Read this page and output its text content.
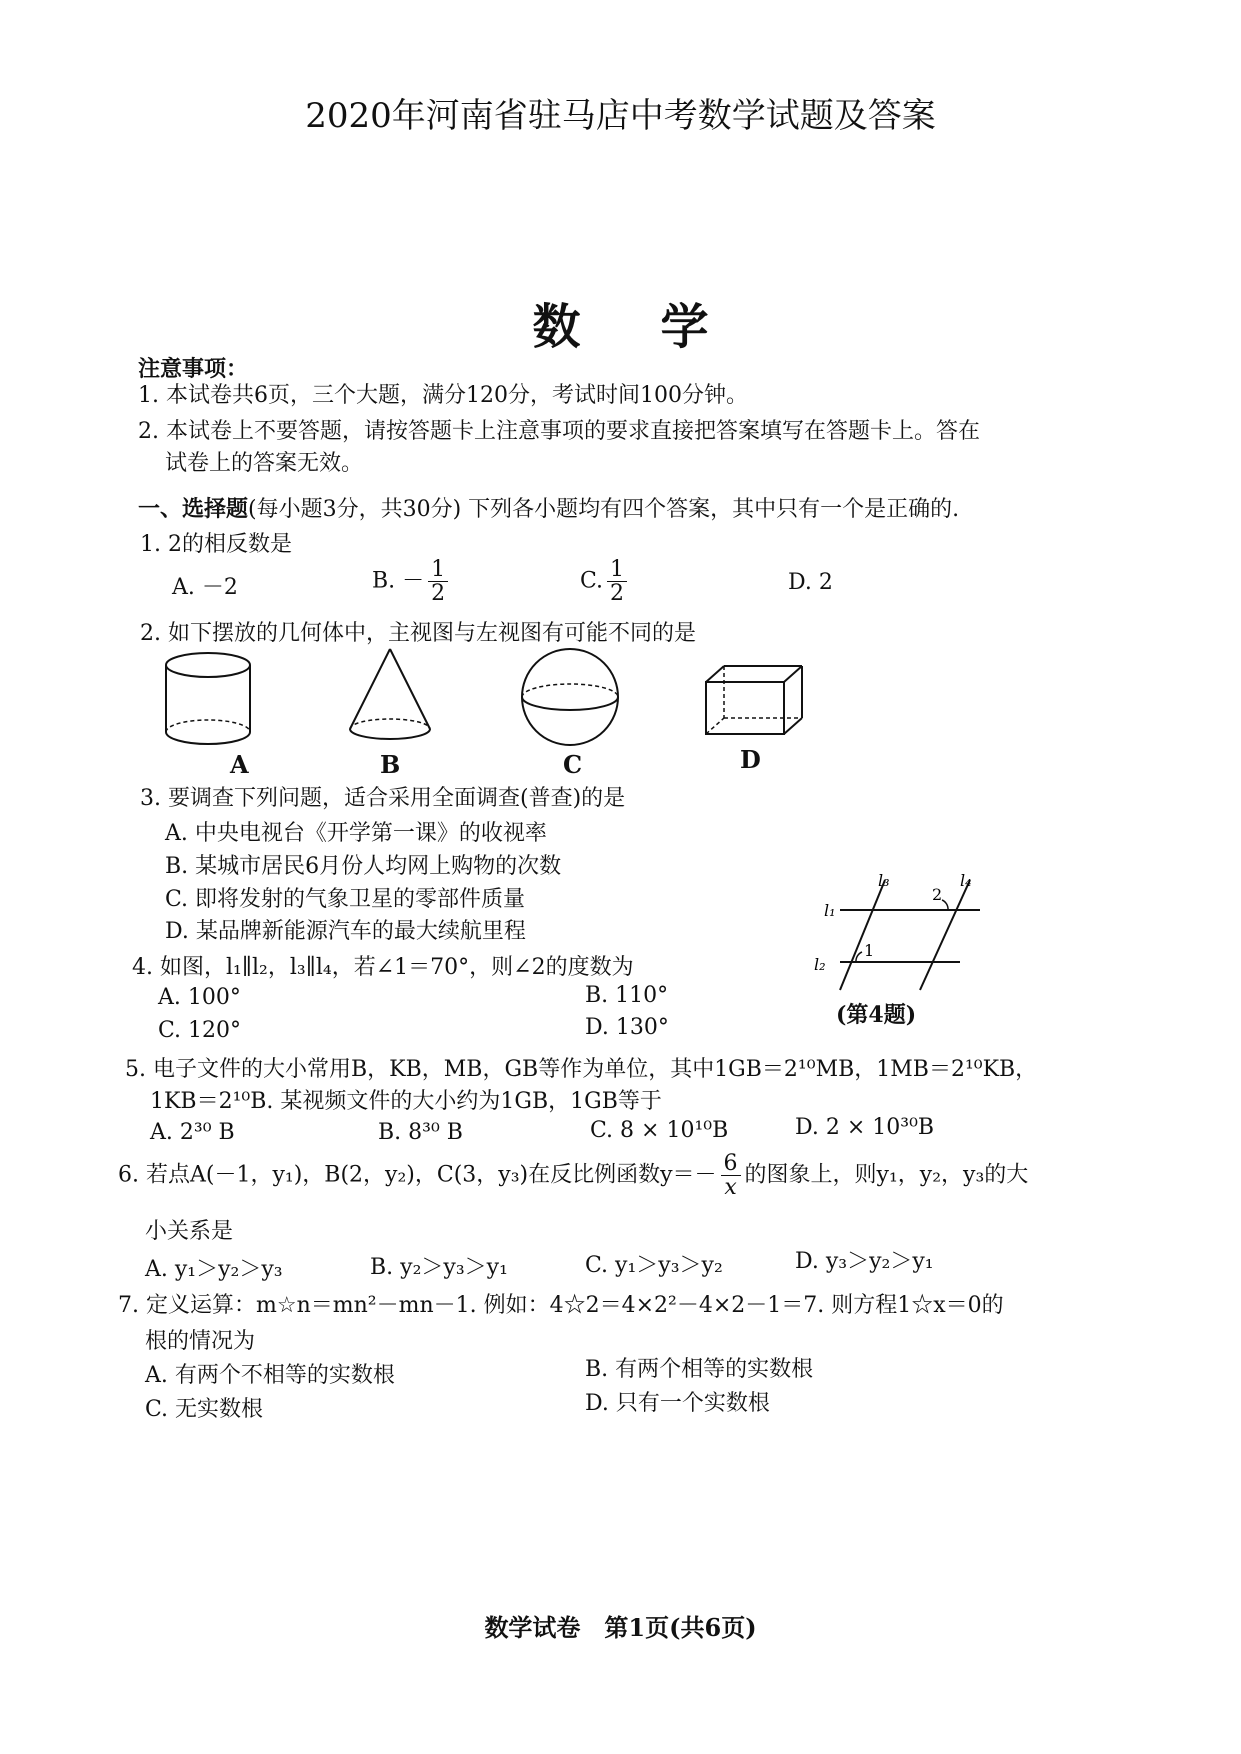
2020年河南省驻马店中考数学试题及答案
数学
注意事项：
1. 本试卷共6页，三个大题，满分120分，考试时间100分钟。
2. 本试卷上不要答题，请按答题卡上注意事项的要求直接把答案填写在答题卡上。答在
试卷上的答案无效。
一、选择题(每小题3分，共30分) 下列各小题均有四个答案，其中只有一个是正确的.
1. 2的相反数是
A. －2	B. － $\frac{1}{2}$	C. $\frac{1}{2}$	D. 2
2. 如下摆放的几何体中，主视图与左视图有可能不同的是
A	B	C	D
3. 要调查下列问题，适合采用全面调查(普查)的是
A. 中央电视台《开学第一课》的收视率
B. 某城市居民6月份人均网上购物的次数
C. 即将发射的气象卫星的零部件质量
D. 某品牌新能源汽车的最大续航里程
l₃	l₄
2
l₁
1
l₂
(第4题)
4. 如图，l₁∥l₂，l₃∥l₄，若∠1＝70°，则∠2的度数为
A. 100°	B. 110°
C. 120°	D. 130°
5. 电子文件的大小常用B，KB，MB，GB等作为单位，其中1GB＝2¹⁰MB，1MB＝2¹⁰KB，
1KB＝2¹⁰B. 某视频文件的大小约为1GB，1GB等于
A. 2³⁰ B	B. 8³⁰ B	C. 8 × 10¹⁰B	D. 2 × 10³⁰B
6. 若点A(－1，y₁)，B(2，y₂)，C(3，y₃)在反比例函数$y=- \frac{6}{x}$ 的图象上，则y₁，y₂，y₃的大
小关系是
A. y₁＞y₂＞y₃	B. y₂＞y₃＞y₁	C. y₁＞y₃＞y₂	D. y₃＞y₂＞y₁
7. 定义运算：m☆n＝mn²－mn－1. 例如：4☆2＝4×2²－4×2－1＝7. 则方程1☆x＝0的
根的情况为
A. 有两个不相等的实数根	B. 有两个相等的实数根
C. 无实数根	D. 只有一个实数根
数学试卷　第1页(共6页)
